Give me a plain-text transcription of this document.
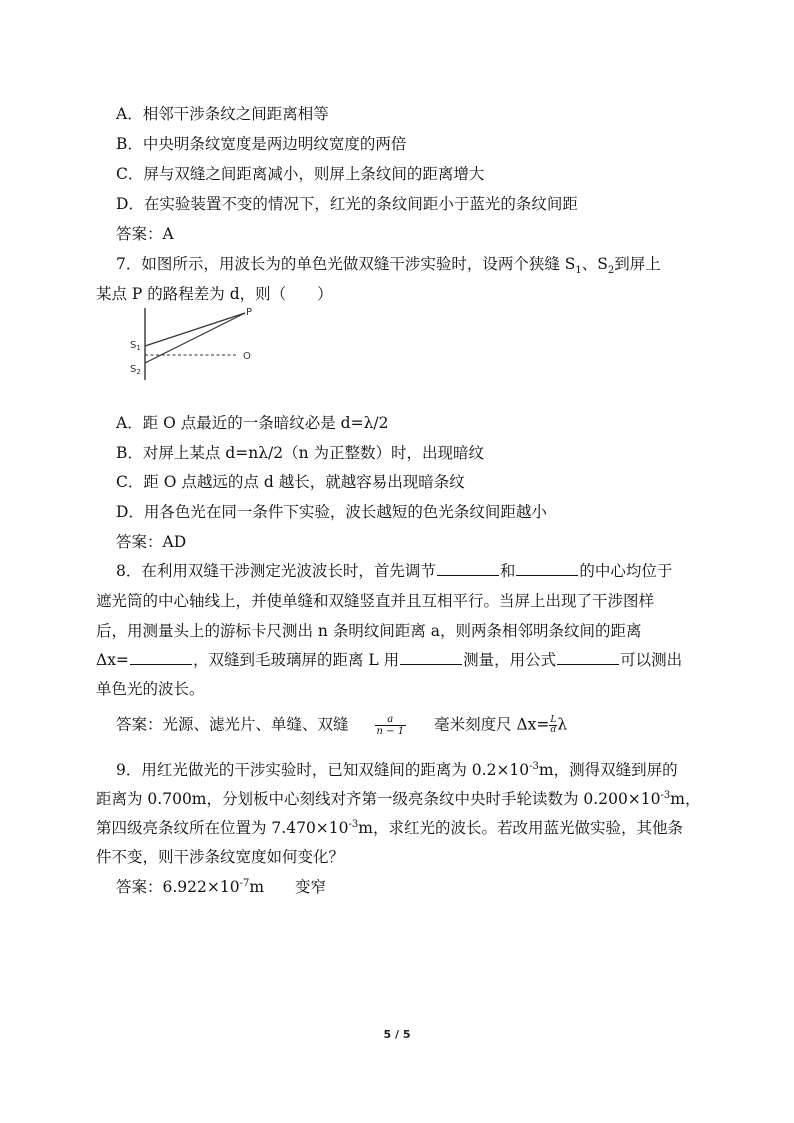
A．相邻干涉条纹之间距离相等
B．中央明条纹宽度是两边明纹宽度的两倍
C．屏与双缝之间距离减小，则屏上条纹间的距离增大
D．在实验装置不变的情况下，红光的条纹间距小于蓝光的条纹间距
答案：A
7．如图所示，用波长为的单色光做双缝干涉实验时，设两个狭缝 $S_1$、$S_2$到屏上
某点 P 的路程差为 d，则（　　）
P
O
$S_1$
$S_2$
A．距 O 点最近的一条暗纹必是 d=λ/2
B．对屏上某点 d=nλ/2（n 为正整数）时，出现暗纹
C．距 O 点越远的点 d 越长，就越容易出现暗条纹
D．用各色光在同一条件下实验，波长越短的色光条纹间距越小
答案：AD
8．在利用双缝干涉测定光波波长时，首先调节	和	的中心均位于
遮光筒的中心轴线上，并使单缝和双缝竖直并且互相平行。当屏上出现了干涉图样
后，用测量头上的游标卡尺测出 n 条明纹间距离 a，则两条相邻明条纹间的距离
Δx=	，双缝到毛玻璃屏的距离 L 用	测量，用公式	可以测出
单色光的波长。
答案：光源、滤光片、单缝、双缝	$\frac{a}{n - 1}$ 毫米刻度尺 $\Delta x= \frac{L}{d}$ λ
9．用红光做光的干涉实验时，已知双缝间的距离为 $0.2\times 10^{-3}m$，测得双缝到屏的
距离为 0.700m，分划板中心刻线对齐第一级亮条纹中央时手轮读数为 $0.200\times 10^{-3}m$，
第四级亮条纹所在位置为 $7.470\times 10^{-3}m$，求红光的波长。若改用蓝光做实验，其他条
件不变，则干涉条纹宽度如何变化？
答案：$6.922\times 10^{-7}m$　　变窄
5 / 5
